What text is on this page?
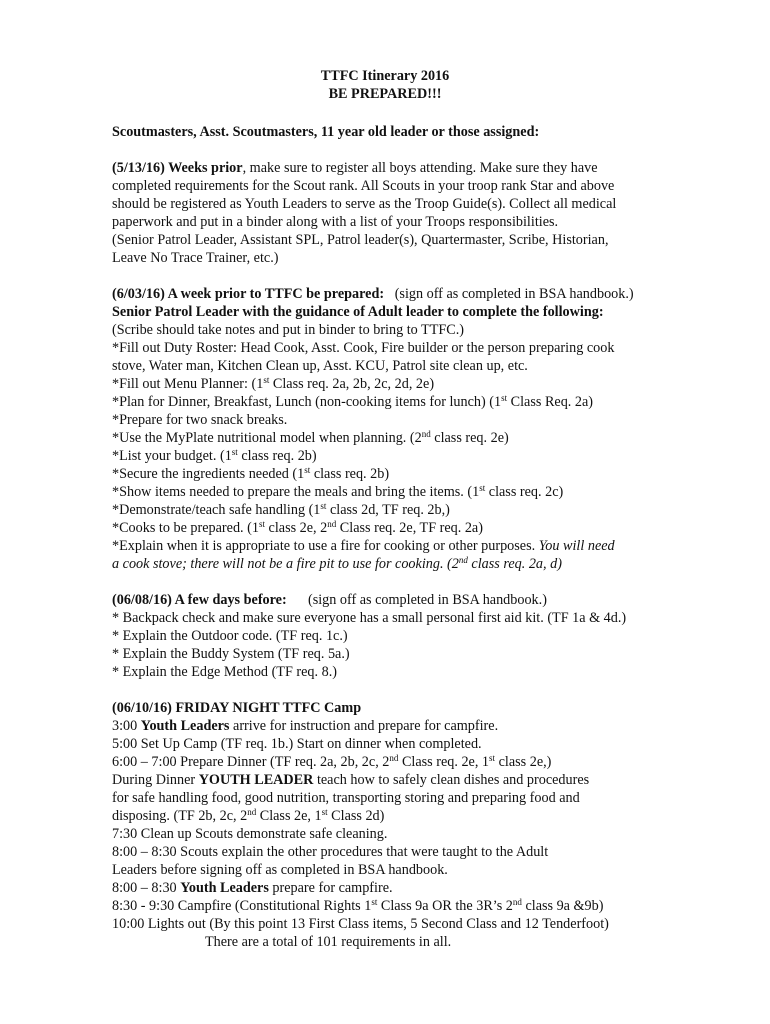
TTFC Itinerary 2016
BE PREPARED!!!
Scoutmasters, Asst. Scoutmasters, 11 year old leader or those assigned:
(5/13/16) Weeks prior, make sure to register all boys attending. Make sure they have
completed requirements for the Scout rank. All Scouts in your troop rank Star and above
should be registered as Youth Leaders to serve as the Troop Guide(s). Collect all medical
paperwork and put in a binder along with a list of your Troops responsibilities.
(Senior Patrol Leader, Assistant SPL, Patrol leader(s), Quartermaster, Scribe, Historian,
Leave No Trace Trainer, etc.)
(6/03/16) A week prior to TTFC be prepared: (sign off as completed in BSA handbook.)
Senior Patrol Leader with the guidance of Adult leader to complete the following:
(Scribe should take notes and put in binder to bring to TTFC.)
*Fill out Duty Roster: Head Cook, Asst. Cook, Fire builder or the person preparing cook
stove, Water man, Kitchen Clean up, Asst. KCU, Patrol site clean up, etc.
*Fill out Menu Planner: (1st Class req. 2a, 2b, 2c, 2d, 2e)
*Plan for Dinner, Breakfast, Lunch (non-cooking items for lunch) (1st Class Req. 2a)
*Prepare for two snack breaks.
*Use the MyPlate nutritional model when planning. (2nd class req. 2e)
*List your budget. (1st class req. 2b)
*Secure the ingredients needed (1st class req. 2b)
*Show items needed to prepare the meals and bring the items. (1st class req. 2c)
*Demonstrate/teach safe handling (1st class 2d, TF req. 2b,)
*Cooks to be prepared. (1st class 2e, 2nd Class req. 2e, TF req. 2a)
*Explain when it is appropriate to use a fire for cooking or other purposes. You will need
a cook stove; there will not be a fire pit to use for cooking. (2nd class req. 2a, d)
(06/08/16) A few days before: (sign off as completed in BSA handbook.)
* Backpack check and make sure everyone has a small personal first aid kit. (TF 1a & 4d.)
* Explain the Outdoor code. (TF req. 1c.)
* Explain the Buddy System (TF req. 5a.)
* Explain the Edge Method (TF req. 8.)
(06/10/16) FRIDAY NIGHT TTFC Camp
3:00 Youth Leaders arrive for instruction and prepare for campfire.
5:00 Set Up Camp (TF req. 1b.) Start on dinner when completed.
6:00 – 7:00 Prepare Dinner (TF req. 2a, 2b, 2c, 2nd Class req. 2e, 1st class 2e,)
During Dinner YOUTH LEADER teach how to safely clean dishes and procedures
for safe handling food, good nutrition, transporting storing and preparing food and
disposing. (TF 2b, 2c, 2nd Class 2e, 1st Class 2d)
7:30 Clean up Scouts demonstrate safe cleaning.
8:00 – 8:30 Scouts explain the other procedures that were taught to the Adult
Leaders before signing off as completed in BSA handbook.
8:00 – 8:30 Youth Leaders prepare for campfire.
8:30 - 9:30 Campfire (Constitutional Rights 1st Class 9a OR the 3R’s 2nd class 9a &9b)
10:00 Lights out (By this point 13 First Class items, 5 Second Class and 12 Tenderfoot)
There are a total of 101 requirements in all.
